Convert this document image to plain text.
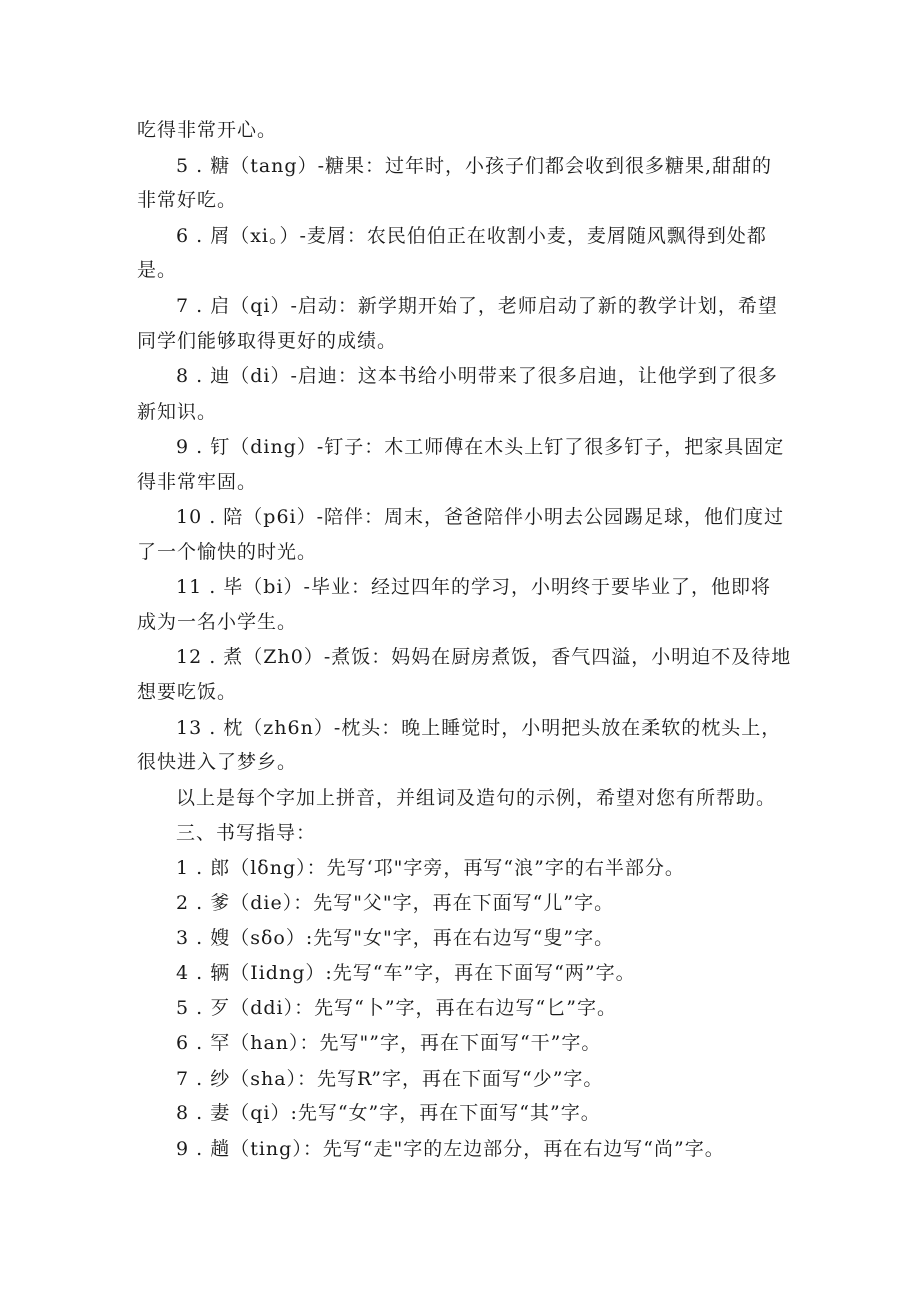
吃得非常开心。
5 . 糖（tang）-糖果：过年时，小孩子们都会收到很多糖果,甜甜的
非常好吃。
6 . 屑（xi。）-麦屑：农民伯伯正在收割小麦，麦屑随风飘得到处都
是。
7 . 启（qi）-启动：新学期开始了，老师启动了新的教学计划，希望
同学们能够取得更好的成绩。
8 . 迪（di）-启迪：这本书给小明带来了很多启迪，让他学到了很多
新知识。
9 . 钉（ding）-钉子：木工师傅在木头上钉了很多钉子，把家具固定
得非常牢固。
10 . 陪（p6i）-陪伴：周末，爸爸陪伴小明去公园踢足球，他们度过
了一个愉快的时光。
11 . 毕（bi）-毕业：经过四年的学习，小明终于要毕业了，他即将
成为一名小学生。
12 . 煮（Zh0）-煮饭：妈妈在厨房煮饭，香气四溢，小明迫不及待地
想要吃饭。
13 . 枕（zh6n）-枕头：晚上睡觉时，小明把头放在柔软的枕头上，
很快进入了梦乡。
以上是每个字加上拼音，并组词及造句的示例，希望对您有所帮助。
三、书写指导：
1 . 郎（lδng）：先写‘邛"字旁，再写“浪”字的右半部分。
2 . 爹（die）：先写"父"字，再在下面写“儿”字。
3 . 嫂（sδo）:先写"女"字，再在右边写“叟”字。
4 . 辆（Iidng）:先写“车”字，再在下面写“两”字。
5 . 歹（ddi）：先写“卜”字，再在右边写“匕”字。
6 . 罕（han）：先写"”字，再在下面写“干”字。
7 . 纱（sha）：先写R”字，再在下面写“少”字。
8 . 妻（qi）:先写“女”字，再在下面写“其”字。
9 . 趟（ting）：先写“走"字的左边部分，再在右边写“尚”字。
